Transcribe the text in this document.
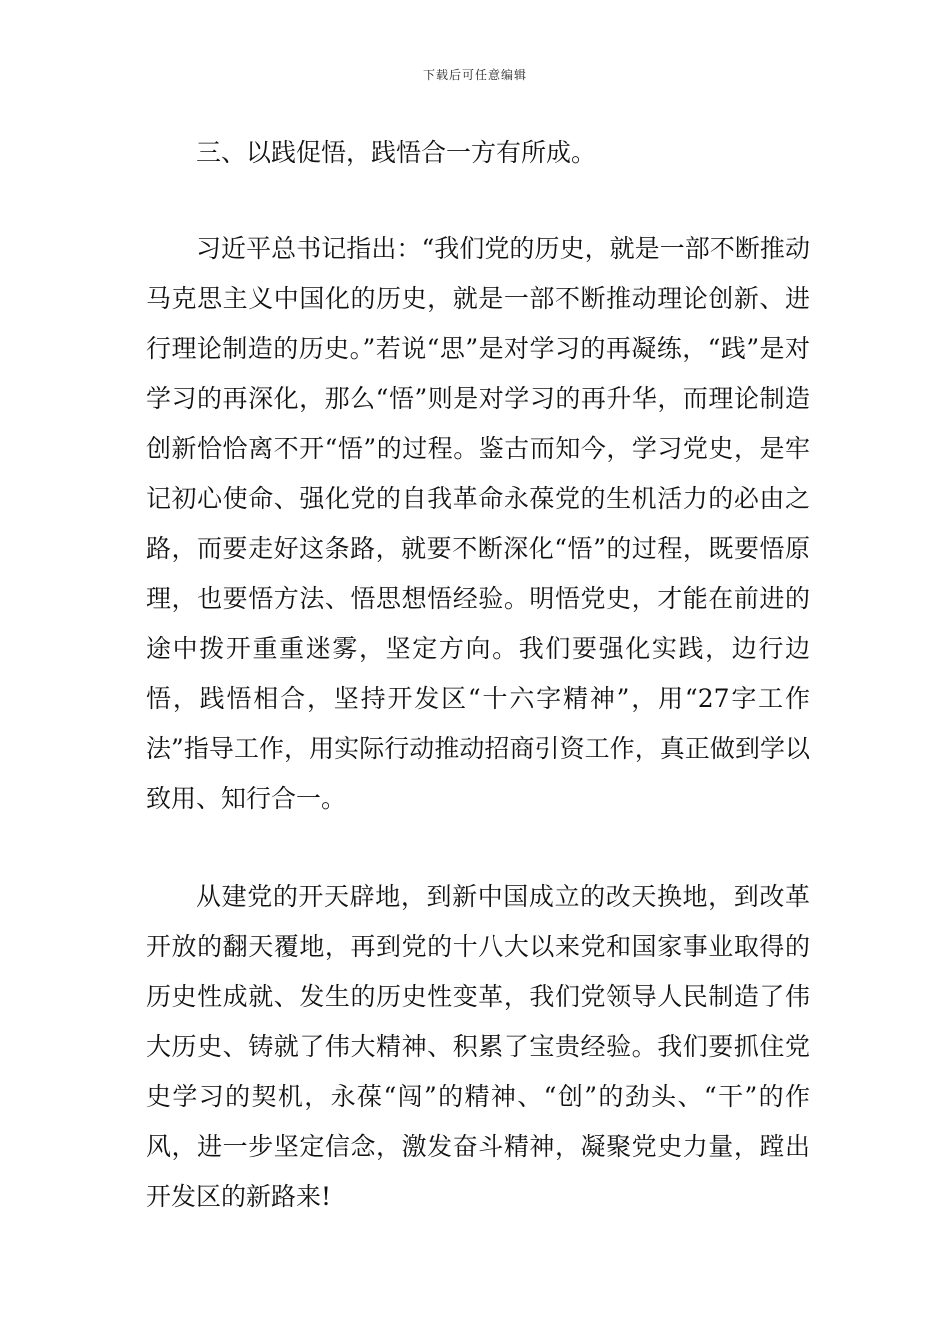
下载后可任意编辑
三、以践促悟，践悟合一方有所成。

习近平总书记指出：“我们党的历史，就是一部不断推动马克思主义中国化的历史，就是一部不断推动理论创新、进行理论制造的历史。”若说“思”是对学习的再凝练，“践”是对学习的再深化，那么“悟”则是对学习的再升华，而理论制造创新恰恰离不开“悟”的过程。鉴古而知今，学习党史，是牢记初心使命、强化党的自我革命永葆党的生机活力的必由之路，而要走好这条路，就要不断深化“悟”的过程，既要悟原理，也要悟方法、悟思想悟经验。明悟党史，才能在前进的途中拨开重重迷雾，坚定方向。我们要强化实践，边行边悟，践悟相合，坚持开发区“十六字精神”，用“27字工作法”指导工作，用实际行动推动招商引资工作，真正做到学以致用、知行合一。

从建党的开天辟地，到新中国成立的改天换地，到改革开放的翻天覆地，再到党的十八大以来党和国家事业取得的历史性成就、发生的历史性变革，我们党领导人民制造了伟大历史、铸就了伟大精神、积累了宝贵经验。我们要抓住党史学习的契机，永葆“闯”的精神、“创”的劲头、“干”的作风，进一步坚定信念，激发奋斗精神，凝聚党史力量，蹚出开发区的新路来!
